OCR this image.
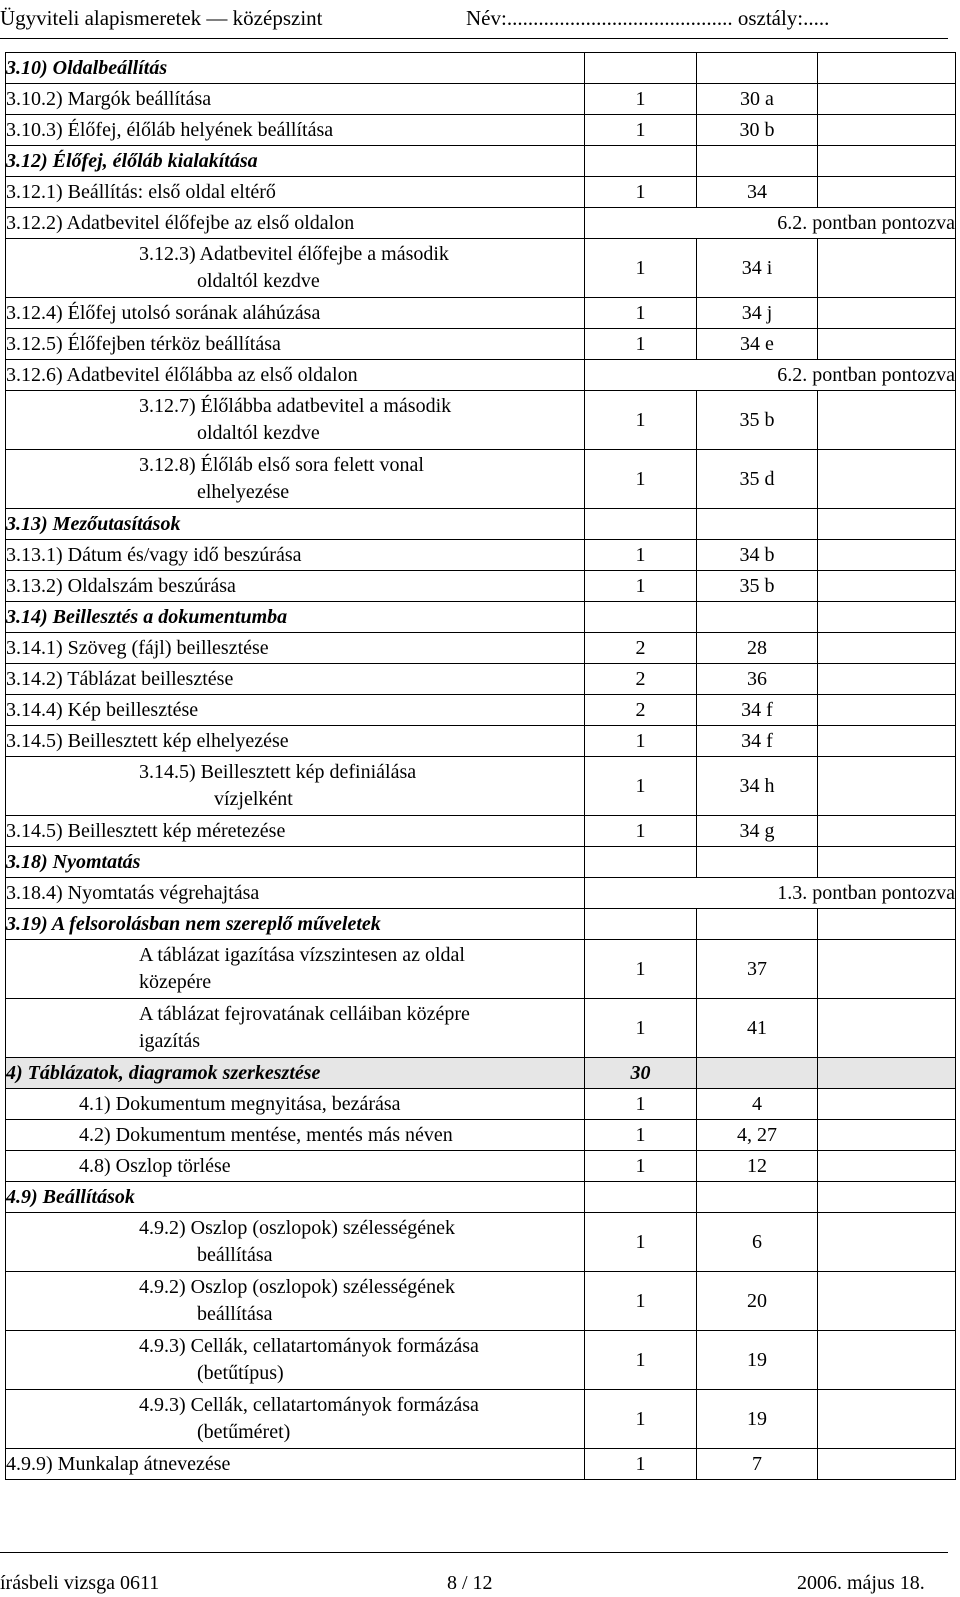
Ügyviteli alapismeretek — középszint	Név:........................................... osztály:.....
3.10) Oldalbeállítás			
3.10.2) Margók beállítása	1	30 a	
3.10.3) Élőfej, élőláb helyének beállítása	1	30 b	
3.12) Élőfej, élőláb kialakítása			
3.12.1) Beállítás: első oldal eltérő	1	34	
3.12.2) Adatbevitel élőfejbe az első oldalon	6.2. pontban pontozva		
3.12.3) Adatbevitel élőfejbe a második
oldaltól kezdve	1	34 i	
3.12.4) Élőfej utolsó sorának aláhúzása	1	34 j	
3.12.5) Élőfejben térköz beállítása	1	34 e	
3.12.6) Adatbevitel élőlábba az első oldalon	6.2. pontban pontozva		
3.12.7) Élőlábba adatbevitel a második
oldaltól kezdve	1	35 b	
3.12.8) Élőláb első sora felett vonal
elhelyezése	1	35 d	
3.13) Mezőutasítások			
3.13.1) Dátum és/vagy idő beszúrása	1	34 b	
3.13.2) Oldalszám beszúrása	1	35 b	
3.14) Beillesztés a dokumentumba			
3.14.1) Szöveg (fájl) beillesztése	2	28	
3.14.2) Táblázat beillesztése	2	36	
3.14.4) Kép beillesztése	2	34 f	
3.14.5) Beillesztett kép elhelyezése	1	34 f	
3.14.5) Beillesztett kép definiálása
vízjelként	1	34 h	
3.14.5) Beillesztett kép méretezése	1	34 g	
3.18) Nyomtatás			
3.18.4) Nyomtatás végrehajtása	1.3. pontban pontozva		
3.19) A felsorolásban nem szereplő műveletek			
A táblázat igazítása vízszintesen az oldal
közepére	1	37	
A táblázat fejrovatának celláiban középre
igazítás	1	41	
4) Táblázatok, diagramok szerkesztése	30		
4.1) Dokumentum megnyitása, bezárása	1	4	
4.2) Dokumentum mentése, mentés más néven	1	4, 27	
4.8) Oszlop törlése	1	12	
4.9) Beállítások			
4.9.2) Oszlop (oszlopok) szélességének
beállítása	1	6	
4.9.2) Oszlop (oszlopok) szélességének
beállítása	1	20	
4.9.3) Cellák, cellatartományok formázása
(betűtípus)	1	19	
4.9.3) Cellák, cellatartományok formázása
(betűméret)	1	19	
4.9.9) Munkalap átnevezése	1	7	
írásbeli vizsga 0611	8 / 12	2006. május 18.
